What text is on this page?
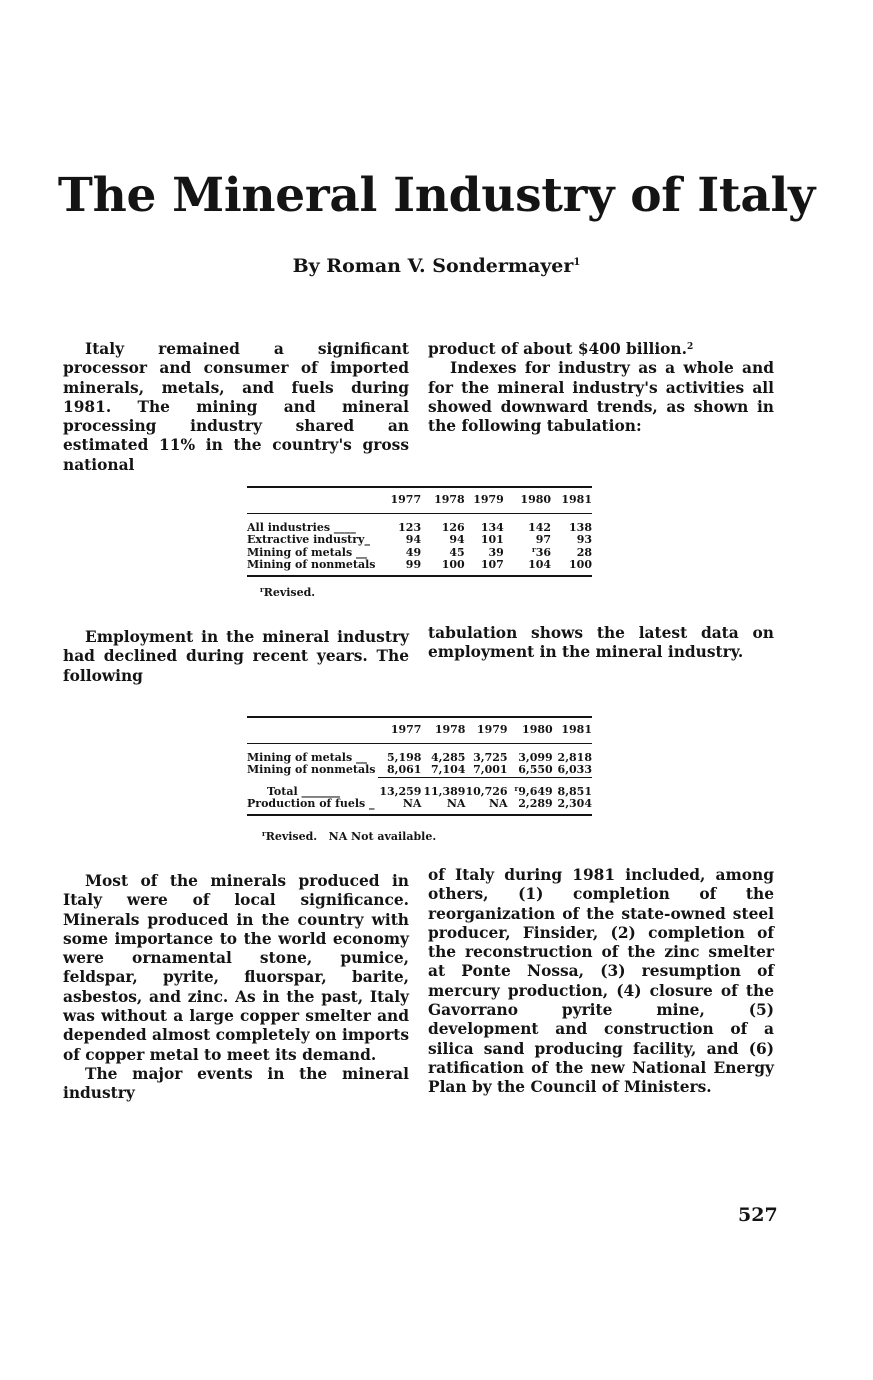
The Mineral Industry of Italy

By Roman V. Sondermayer$^1$

Italy remained a significant processor and consumer of imported minerals, metals, and fuels during 1981. The mining and mineral processing industry shared an estimated 11% in the country's gross national

product of about $400 billion.$^2$

Indexes for industry as a whole and for the mineral industry's activities all showed downward trends, as shown in the following tabulation:

	1977	1978	1979	1980	1981

All industries ____	123	126	134	142	138
Extractive industry_	94	94	101	97	93
Mining of metals __	49	45	39	$^r$36	28
Mining of nonmetals	99	100	107	104	100
$^r$Revised.

Employment in the mineral industry had declined during recent years. The following

tabulation shows the latest data on employment in the mineral industry.

	1977	1978	1979	1980	1981

Mining of metals __	5,198	4,285	3,725	3,099	2,818
Mining of nonmetals	8,061	7,104	7,001	6,550	6,033

Total _______	13,259	11,389	10,726	$^r$9,649	8,851
Production of fuels _	NA	NA	NA	2,289	2,304
$^r$Revised. NA Not available.

Most of the minerals produced in Italy were of local significance. Minerals produced in the country with some importance to the world economy were ornamental stone, pumice, feldspar, pyrite, fluorspar, barite, asbestos, and zinc. As in the past, Italy was without a large copper smelter and depended almost completely on imports of copper metal to meet its demand.

The major events in the mineral industry

of Italy during 1981 included, among others, (1) completion of the reorganization of the state-owned steel producer, Finsider, (2) completion of the reconstruction of the zinc smelter at Ponte Nossa, (3) resumption of mercury production, (4) closure of the Gavorrano pyrite mine, (5) development and construction of a silica sand producing facility, and (6) ratification of the new National Energy Plan by the Council of Ministers.

527
